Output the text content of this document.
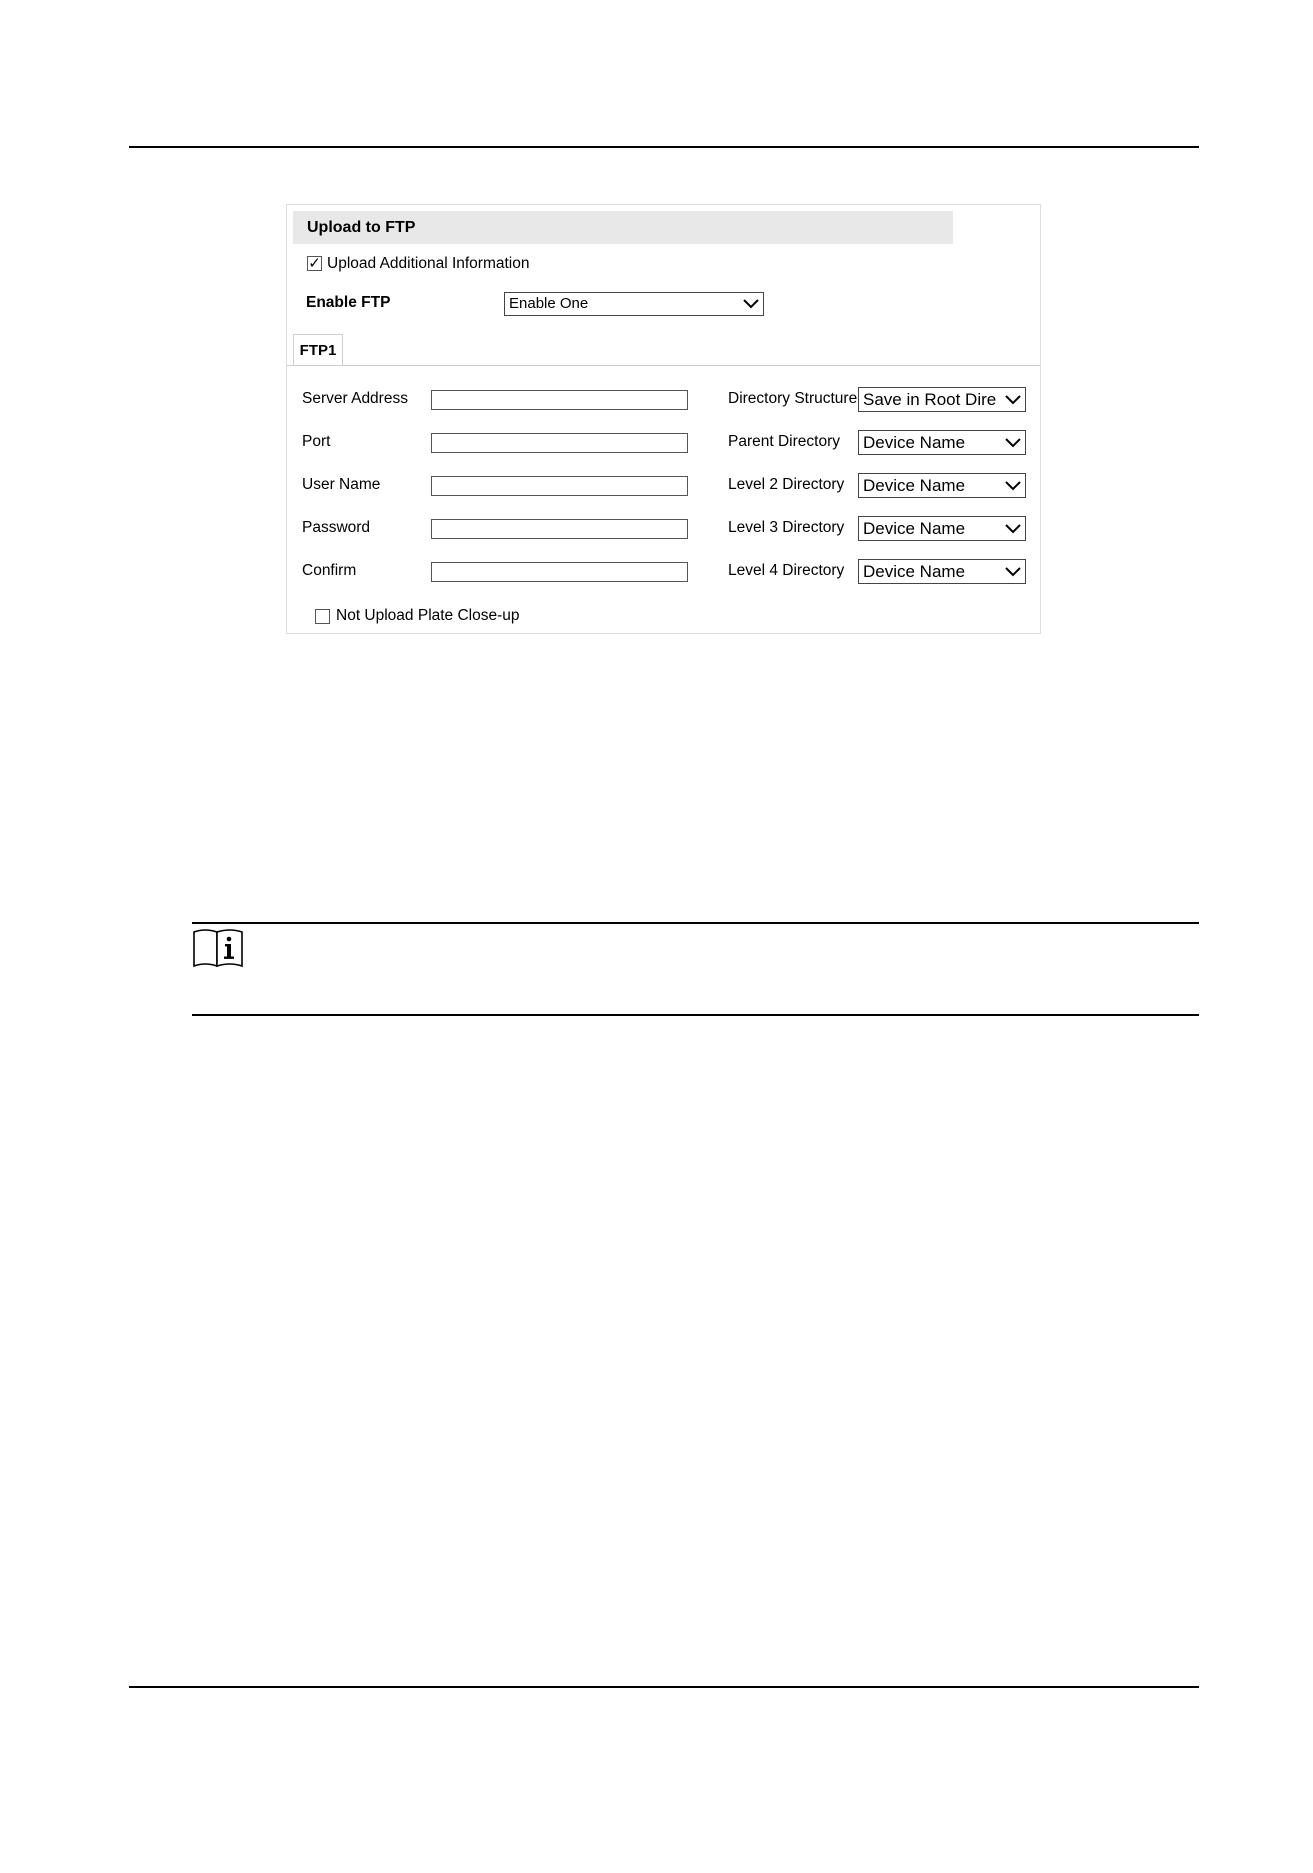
Upload to FTP
✓ Upload Additional Information
Enable FTP	Enable One
FTP1
Server Address
Port
User Name
Password
Confirm
Directory Structure Save in Root Dire
Parent Directory Device Name
Level 2 Directory Device Name
Level 3 Directory Device Name
Level 4 Directory Device Name
Not Upload Plate Close-up
